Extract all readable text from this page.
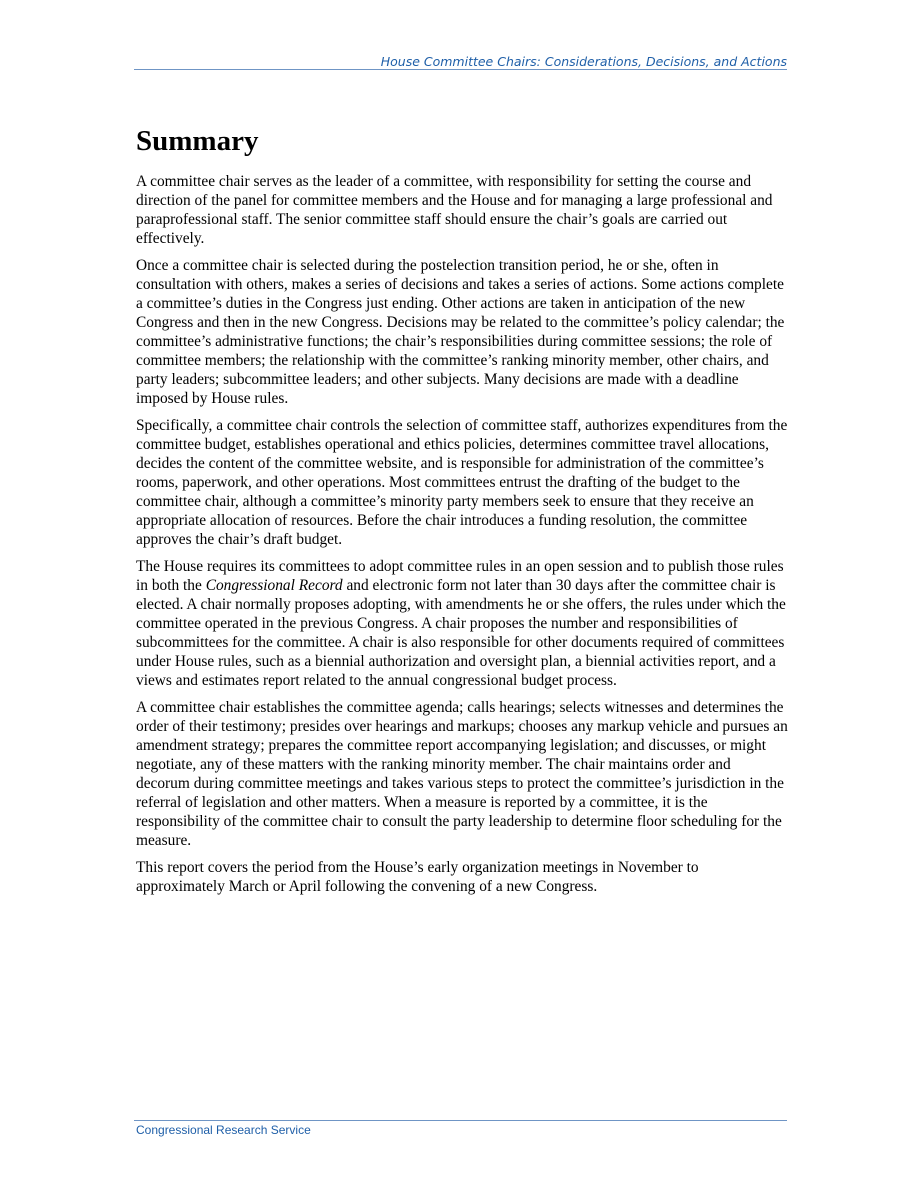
House Committee Chairs: Considerations, Decisions, and Actions
Summary

A committee chair serves as the leader of a committee, with responsibility for setting the course and direction of the panel for committee members and the House and for managing a large professional and paraprofessional staff. The senior committee staff should ensure the chair’s goals are carried out effectively.

Once a committee chair is selected during the postelection transition period, he or she, often in consultation with others, makes a series of decisions and takes a series of actions. Some actions complete a committee’s duties in the Congress just ending. Other actions are taken in anticipation of the new Congress and then in the new Congress. Decisions may be related to the committee’s policy calendar; the committee’s administrative functions; the chair’s responsibilities during committee sessions; the role of committee members; the relationship with the committee’s ranking minority member, other chairs, and party leaders; subcommittee leaders; and other subjects. Many decisions are made with a deadline imposed by House rules.

Specifically, a committee chair controls the selection of committee staff, authorizes expenditures from the committee budget, establishes operational and ethics policies, determines committee travel allocations, decides the content of the committee website, and is responsible for administration of the committee’s rooms, paperwork, and other operations. Most committees entrust the drafting of the budget to the committee chair, although a committee’s minority party members seek to ensure that they receive an appropriate allocation of resources. Before the chair introduces a funding resolution, the committee approves the chair’s draft budget.

The House requires its committees to adopt committee rules in an open session and to publish those rules in both the Congressional Record and electronic form not later than 30 days after the committee chair is elected. A chair normally proposes adopting, with amendments he or she offers, the rules under which the committee operated in the previous Congress. A chair proposes the number and responsibilities of subcommittees for the committee. A chair is also responsible for other documents required of committees under House rules, such as a biennial authorization and oversight plan, a biennial activities report, and a views and estimates report related to the annual congressional budget process.

A committee chair establishes the committee agenda; calls hearings; selects witnesses and determines the order of their testimony; presides over hearings and markups; chooses any markup vehicle and pursues an amendment strategy; prepares the committee report accompanying legislation; and discusses, or might negotiate, any of these matters with the ranking minority member. The chair maintains order and decorum during committee meetings and takes various steps to protect the committee’s jurisdiction in the referral of legislation and other matters. When a measure is reported by a committee, it is the responsibility of the committee chair to consult the party leadership to determine floor scheduling for the measure.

This report covers the period from the House’s early organization meetings in November to approximately March or April following the convening of a new Congress.

Congressional Research Service
